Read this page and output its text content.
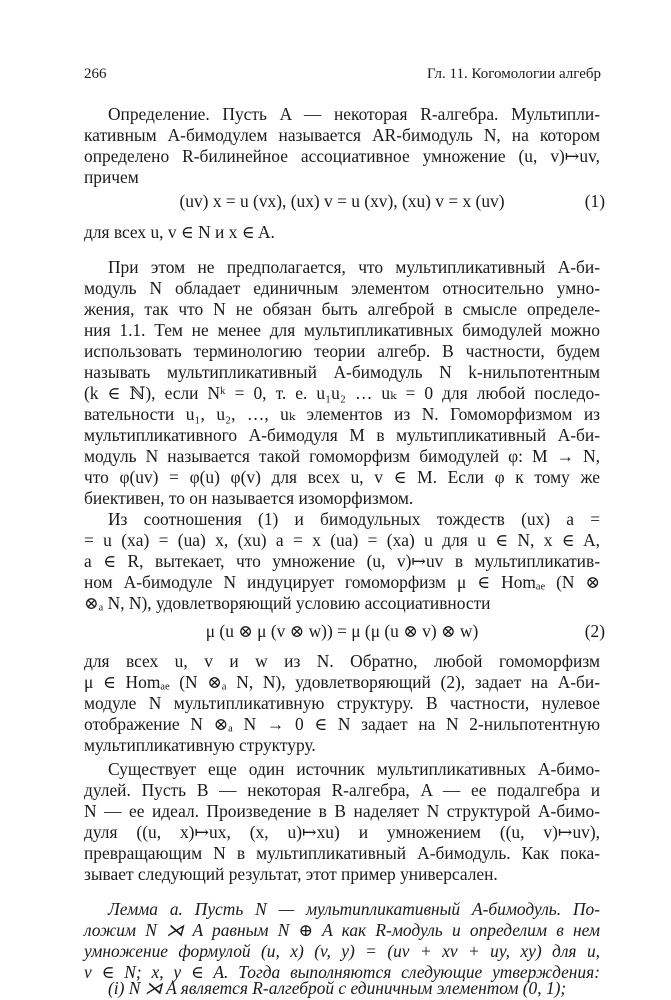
266	Гл. 11. Когомологии алгебр
Определение. Пусть A — некоторая R-алгебра. Мультипли-
кативным A-бимодулем называется AR-бимодуль N, на котором
определено R-билинейное ассоциативное умножение (u, v)↦uv,
причем
(uv) x = u (vx), (ux) v = u (xv), (xu) v = x (uv)	(1)
для всех u, v ∈ N и x ∈ A.
При этом не предполагается, что мультипликативный A-би-
модуль N обладает единичным элементом относительно умно-
жения, так что N не обязан быть алгеброй в смысле определе-
ния 1.1. Тем не менее для мультипликативных бимодулей можно
использовать терминологию теории алгебр. В частности, будем
называть мультипликативный A-бимодуль N k-нильпотентным
(k ∈ ℕ), если Nᵏ = 0, т. е. u₁u₂ … uₖ = 0 для любой последо-
вательности u₁, u₂, …, uₖ элементов из N. Гомоморфизмом из
мультипликативного A-бимодуля M в мультипликативный A-би-
модуль N называется такой гомоморфизм бимодулей φ: M → N,
что φ(uv) = φ(u) φ(v) для всех u, v ∈ M. Если φ к тому же
биективен, то он называется изоморфизмом.
Из соотношения (1) и бимодульных тождеств (ux) a =
= u (xa) = (ua) x, (xu) a = x (ua) = (xa) u для u ∈ N, x ∈ A,
a ∈ R, вытекает, что умножение (u, v)↦uv в мультипликатив-
ном A-бимодуле N индуцирует гомоморфизм μ ∈ Homₐₑ (N ⊗
⊗ₐ N, N), удовлетворяющий условию ассоциативности
μ (u ⊗ μ (v ⊗ w)) = μ (μ (u ⊗ v) ⊗ w)	(2)
для всех u, v и w из N. Обратно, любой гомоморфизм
μ ∈ Homₐₑ (N ⊗ₐ N, N), удовлетворяющий (2), задает на A-би-
модуле N мультипликативную структуру. В частности, нулевое
отображение N ⊗ₐ N → 0 ∈ N задает на N 2-нильпотентную
мультипликативную структуру.
Существует еще один источник мультипликативных A-бимо-
дулей. Пусть B — некоторая R-алгебра, A — ее подалгебра и
N — ее идеал. Произведение в B наделяет N структурой A-бимо-
дуля ((u, x)↦ux, (x, u)↦xu) и умножением ((u, v)↦uv),
превращающим N в мультипликативный A-бимодуль. Как пока-
зывает следующий результат, этот пример универсален.
Лемма a. Пусть N — мультипликативный A-бимодуль. По-
ложим N ⋊ A равным N ⊕ A как R-модуль и определим в нем
умножение формулой (u, x) (v, y) = (uv + xv + uy, xy) для u,
v ∈ N; x, y ∈ A. Тогда выполняются следующие утверждения:
(i) N ⋊ A является R-алгеброй с единичным элементом (0, 1);
